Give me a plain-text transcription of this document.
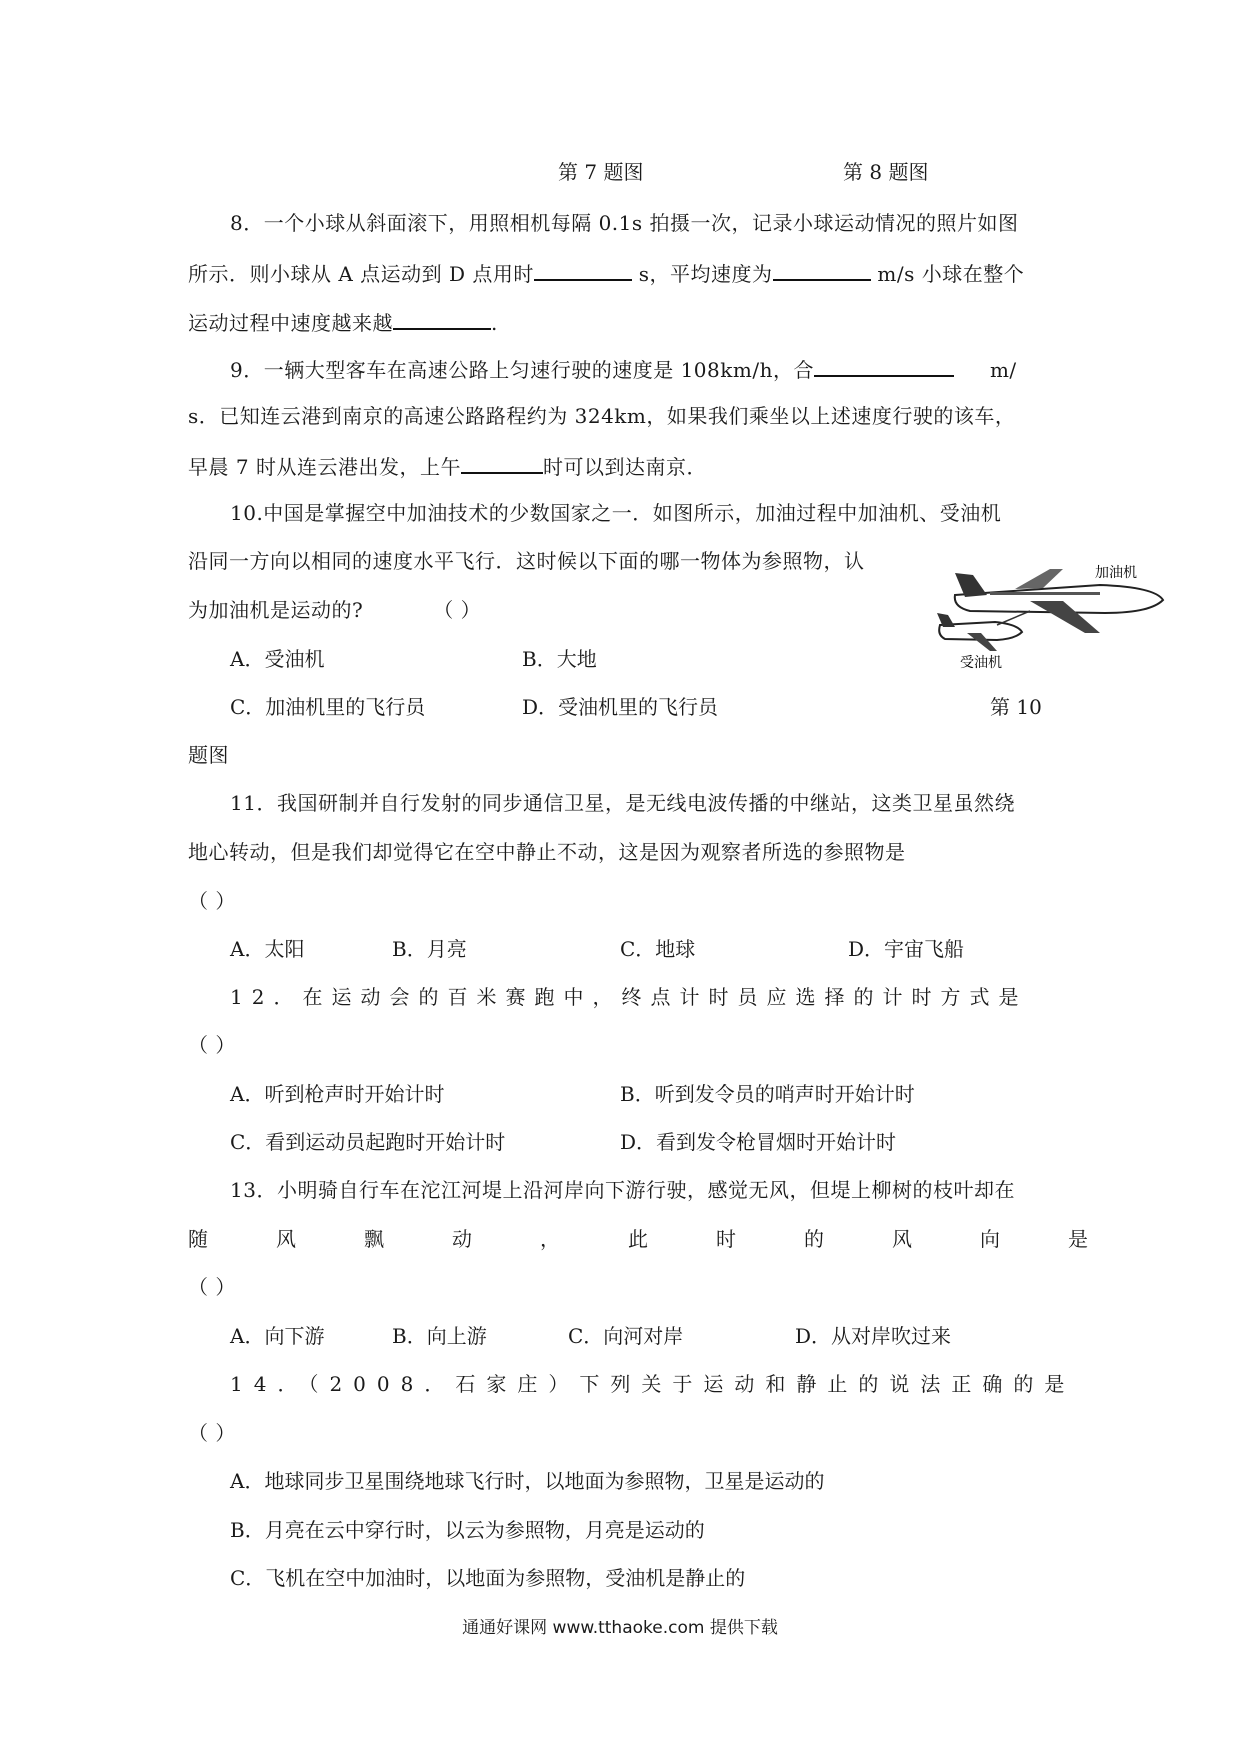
第 7 题图	第 8 题图
8．一个小球从斜面滚下，用照相机每隔 0.1s 拍摄一次，记录小球运动情况的照片如图
所示．则小球从 A 点运动到 D 点用时	s，平均速度为	m/s 小球在整个
运动过程中速度越来越	.
9．一辆大型客车在高速公路上匀速行驶的速度是 108km/h，合	m/
s．已知连云港到南京的高速公路路程约为 324km，如果我们乘坐以上述速度行驶的该车，
早晨 7 时从连云港出发，上午	时可以到达南京．
10.中国是掌握空中加油技术的少数国家之一．如图所示，加油过程中加油机、受油机
沿同一方向以相同的速度水平飞行．这时候以下面的哪一物体为参照物，认
为加油机是运动的?	（ ）
加油机
受油机
A．受油机	B．大地
C．加油机里的飞行员	D．受油机里的飞行员	第 10
题图
11．我国研制并自行发射的同步通信卫星，是无线电波传播的中继站，这类卫星虽然绕
地心转动，但是我们却觉得它在空中静止不动，这是因为观察者所选的参照物是
（ ）
A．太阳	B．月亮	C．地球	D．宇宙飞船
12．在运动会的百米赛跑中，终点计时员应选择的计时方式是
（ ）
A．听到枪声时开始计时	B．听到发令员的哨声时开始计时
C．看到运动员起跑时开始计时	D．看到发令枪冒烟时开始计时
13．小明骑自行车在沱江河堤上沿河岸向下游行驶，感觉无风，但堤上柳树的枝叶却在
随风飘动，此时的风向是
（ ）
A．向下游	B．向上游	C．向河对岸	D．从对岸吹过来
14．（2008．石家庄）下列关于运动和静止的说法正确的是
（ ）
A．地球同步卫星围绕地球飞行时，以地面为参照物，卫星是运动的
B．月亮在云中穿行时，以云为参照物，月亮是运动的
C．飞机在空中加油时，以地面为参照物，受油机是静止的
通通好课网 www.tthaoke.com 提供下载
